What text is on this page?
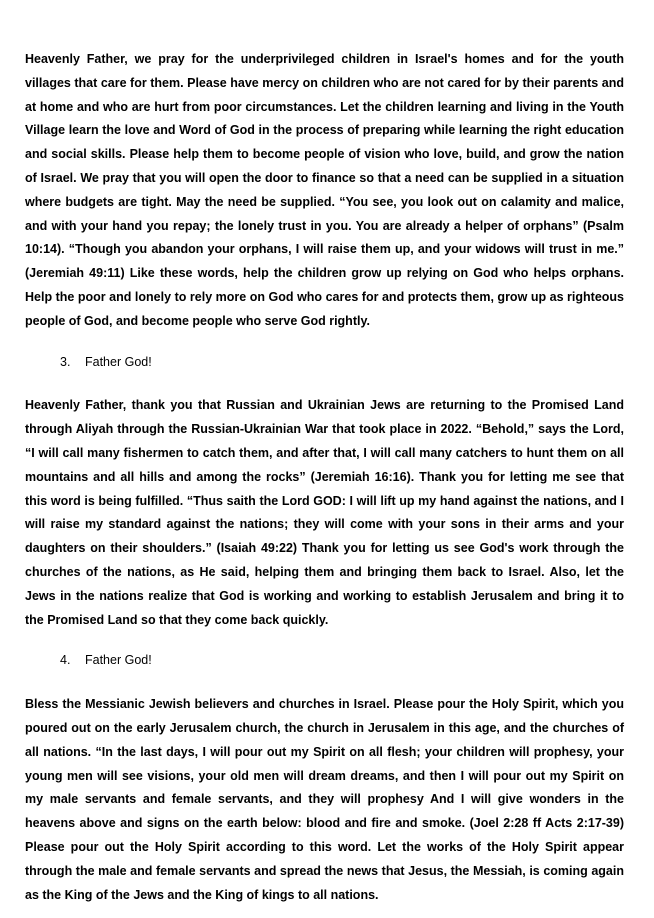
Heavenly Father, we pray for the underprivileged children in Israel's homes and for the youth villages that care for them. Please have mercy on children who are not cared for by their parents and at home and who are hurt from poor circumstances. Let the children learning and living in the Youth Village learn the love and Word of God in the process of preparing while learning the right education and social skills. Please help them to become people of vision who love, build, and grow the nation of Israel. We pray that you will open the door to finance so that a need can be supplied in a situation where budgets are tight. May the need be supplied. “You see, you look out on calamity and malice, and with your hand you repay; the lonely trust in you. You are already a helper of orphans” (Psalm 10:14). “Though you abandon your orphans, I will raise them up, and your widows will trust in me.” (Jeremiah 49:11) Like these words, help the children grow up relying on God who helps orphans. Help the poor and lonely to rely more on God who cares for and protects them, grow up as righteous people of God, and become people who serve God rightly.

3.	Father God!

Heavenly Father, thank you that Russian and Ukrainian Jews are returning to the Promised Land through Aliyah through the Russian-Ukrainian War that took place in 2022. “Behold,” says the Lord, “I will call many fishermen to catch them, and after that, I will call many catchers to hunt them on all mountains and all hills and among the rocks” (Jeremiah 16:16). Thank you for letting me see that this word is being fulfilled. “Thus saith the Lord GOD: I will lift up my hand against the nations, and I will raise my standard against the nations; they will come with your sons in their arms and your daughters on their shoulders.” (Isaiah 49:22) Thank you for letting us see God's work through the churches of the nations, as He said, helping them and bringing them back to Israel. Also, let the Jews in the nations realize that God is working and working to establish Jerusalem and bring it to the Promised Land so that they come back quickly.

4.	Father God!

Bless the Messianic Jewish believers and churches in Israel. Please pour the Holy Spirit, which you poured out on the early Jerusalem church, the church in Jerusalem in this age, and the churches of all nations. “In the last days, I will pour out my Spirit on all flesh; your children will prophesy, your young men will see visions, your old men will dream dreams, and then I will pour out my Spirit on my male servants and female servants, and they will prophesy And I will give wonders in the heavens above and signs on the earth below: blood and fire and smoke. (Joel 2:28 ff Acts 2:17-39) Please pour out the Holy Spirit according to this word. Let the works of the Holy Spirit appear through the male and female servants and spread the news that Jesus, the Messiah, is coming again as the King of the Jews and the King of kings to all nations.
